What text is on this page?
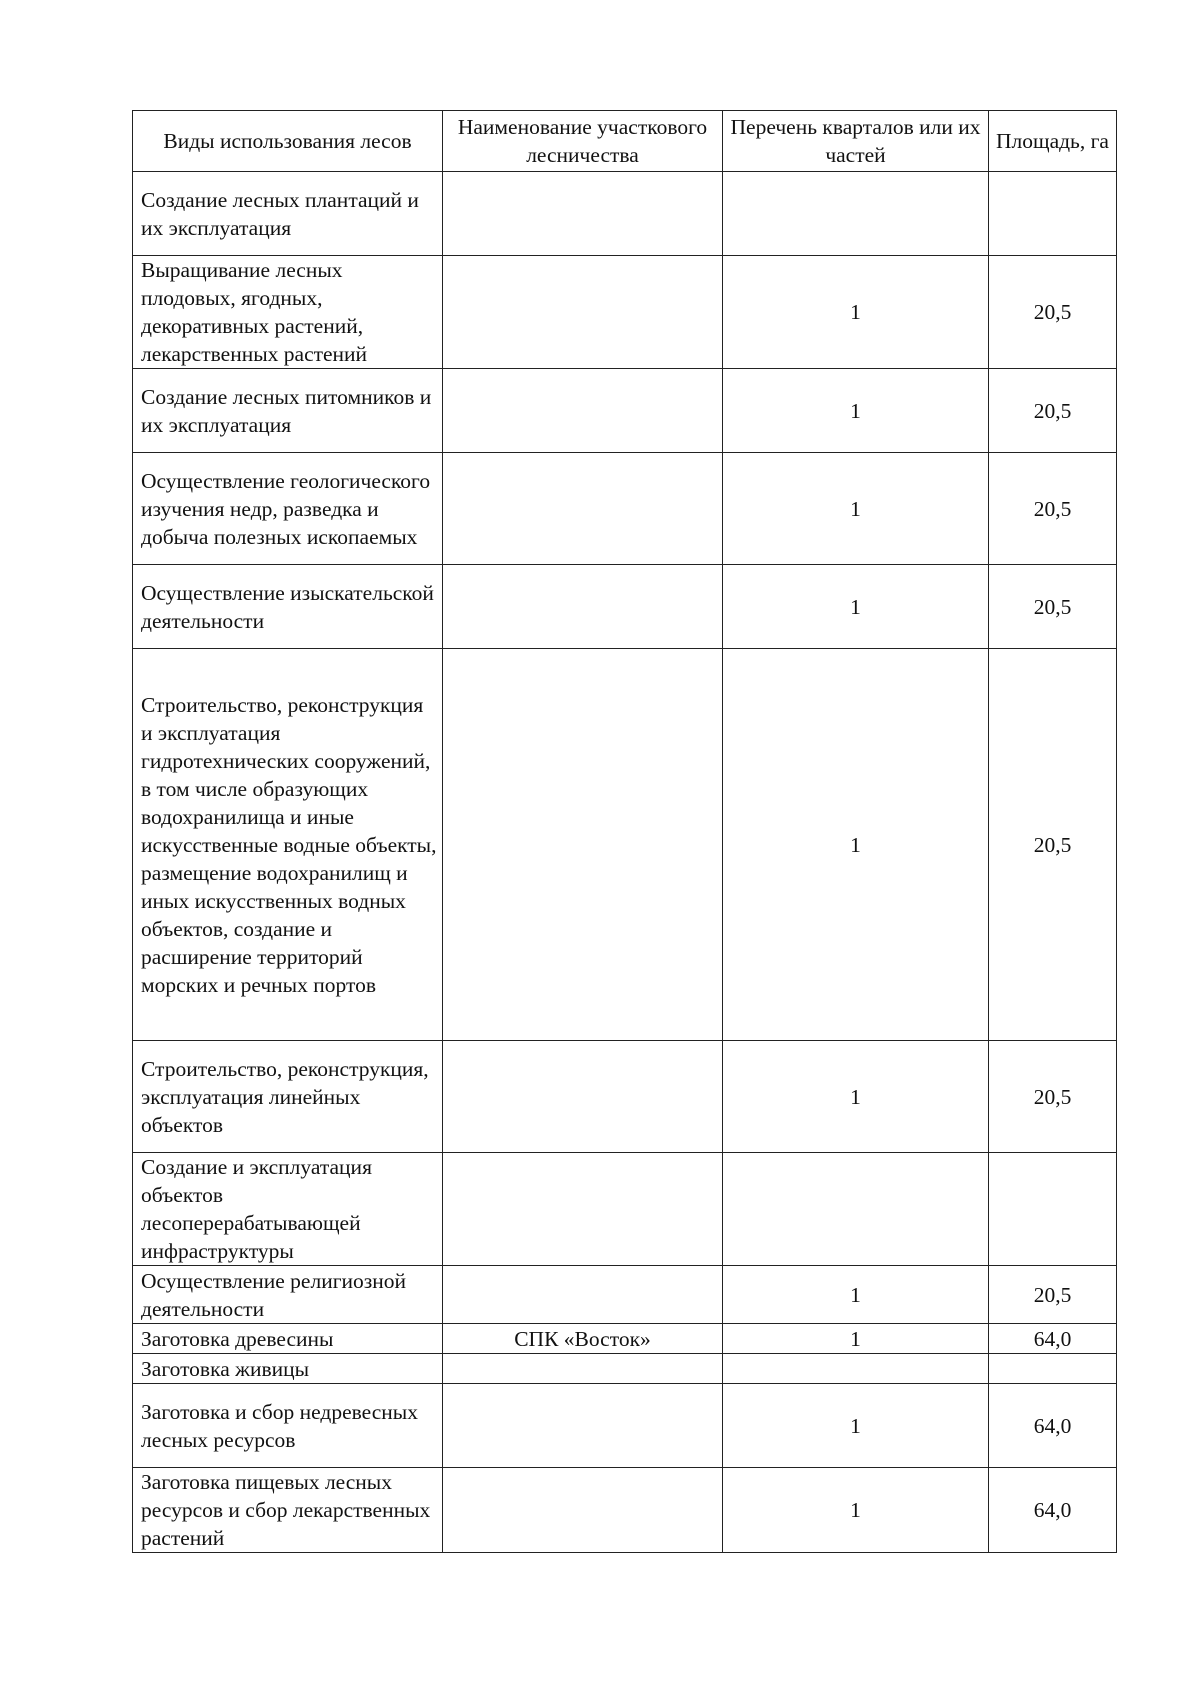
Виды использования лесов	Наименование участкового лесничества	Перечень кварталов или их частей	Площадь, га
Создание лесных плантаций и их эксплуатация			
Выращивание лесных плодовых, ягодных, декоративных растений, лекарственных растений		1	20,5
Создание лесных питомников и их эксплуатация		1	20,5
Осуществление геологического изучения недр, разведка и добыча полезных ископаемых		1	20,5
Осуществление изыскательской деятельности		1	20,5
Строительство, реконструкция и эксплуатация гидротехнических сооружений, в том числе образующих водохранилища и иные искусственные водные объекты, размещение водохранилищ и иных искусственных водных объектов, создание и расширение территорий морских и речных портов		1	20,5
Строительство, реконструкция, эксплуатация линейных объектов		1	20,5
Создание и эксплуатация объектов лесоперерабатывающей инфраструктуры			
Осуществление религиозной деятельности		1	20,5
Заготовка древесины	СПК «Восток»	1	64,0
Заготовка живицы			
Заготовка и сбор недревесных лесных ресурсов		1	64,0
Заготовка пищевых лесных ресурсов и сбор лекарственных растений		1	64,0
